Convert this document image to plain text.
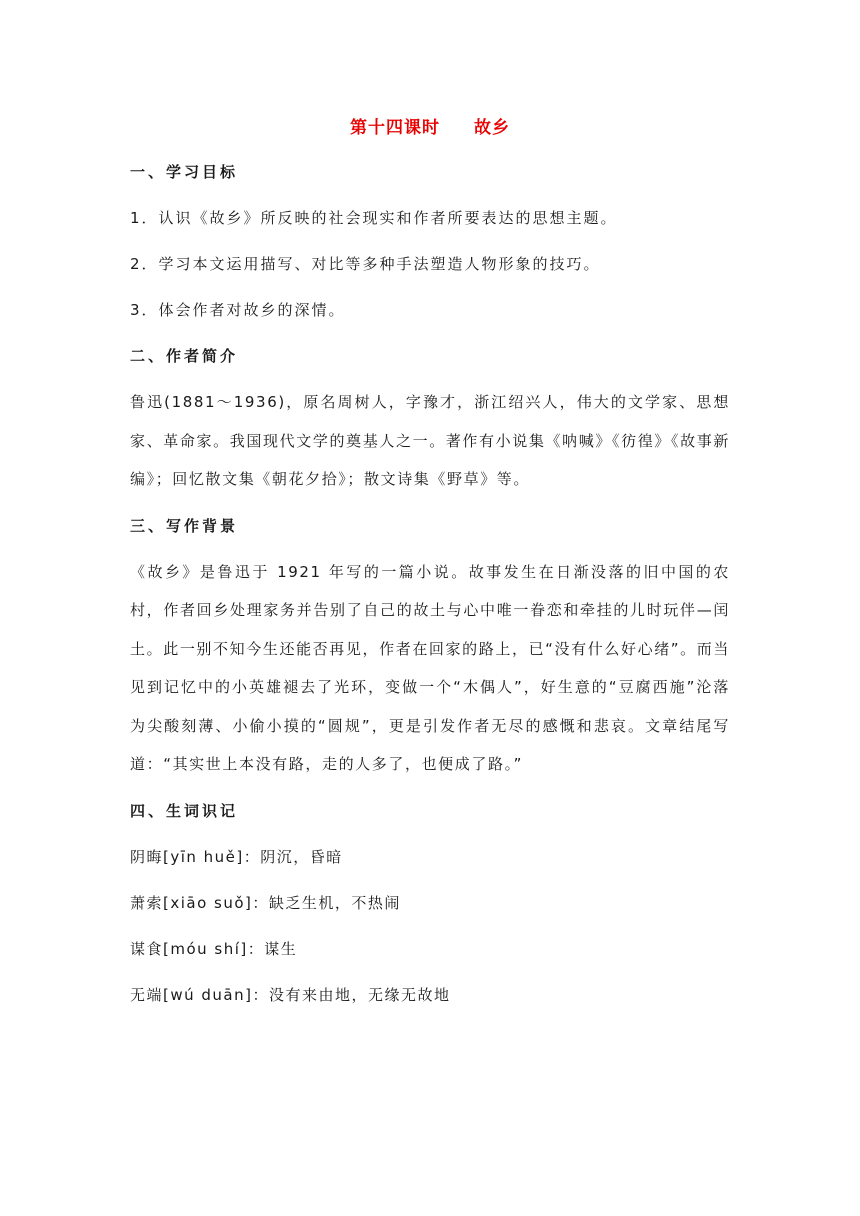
第十四课时 故乡
一、学习目标
1．认识《故乡》所反映的社会现实和作者所要表达的思想主题。
2．学习本文运用描写、对比等多种手法塑造人物形象的技巧。
3．体会作者对故乡的深情。
二、作者简介
鲁迅(1881～1936)，原名周树人，字豫才，浙江绍兴人，伟大的文学家、思想家、革命家。我国现代文学的奠基人之一。著作有小说集《呐喊》《彷徨》《故事新编》；回忆散文集《朝花夕拾》；散文诗集《野草》等。
三、写作背景
《故乡》是鲁迅于 1921 年写的一篇小说。故事发生在日渐没落的旧中国的农村，作者回乡处理家务并告别了自己的故土与心中唯一眷恋和牵挂的儿时玩伴—闰土。此一别不知今生还能否再见，作者在回家的路上，已“没有什么好心绪”。而当见到记忆中的小英雄褪去了光环，变做一个“木偶人”，好生意的“豆腐西施”沦落为尖酸刻薄、小偷小摸的“圆规”，更是引发作者无尽的感慨和悲哀。文章结尾写道：“其实世上本没有路，走的人多了，也便成了路。”
四、生词识记
阴晦[yīn huě]：阴沉，昏暗
萧索[xiāo suǒ]：缺乏生机，不热闹
谋食[móu shí]：谋生
无端[wú duān]：没有来由地，无缘无故地
